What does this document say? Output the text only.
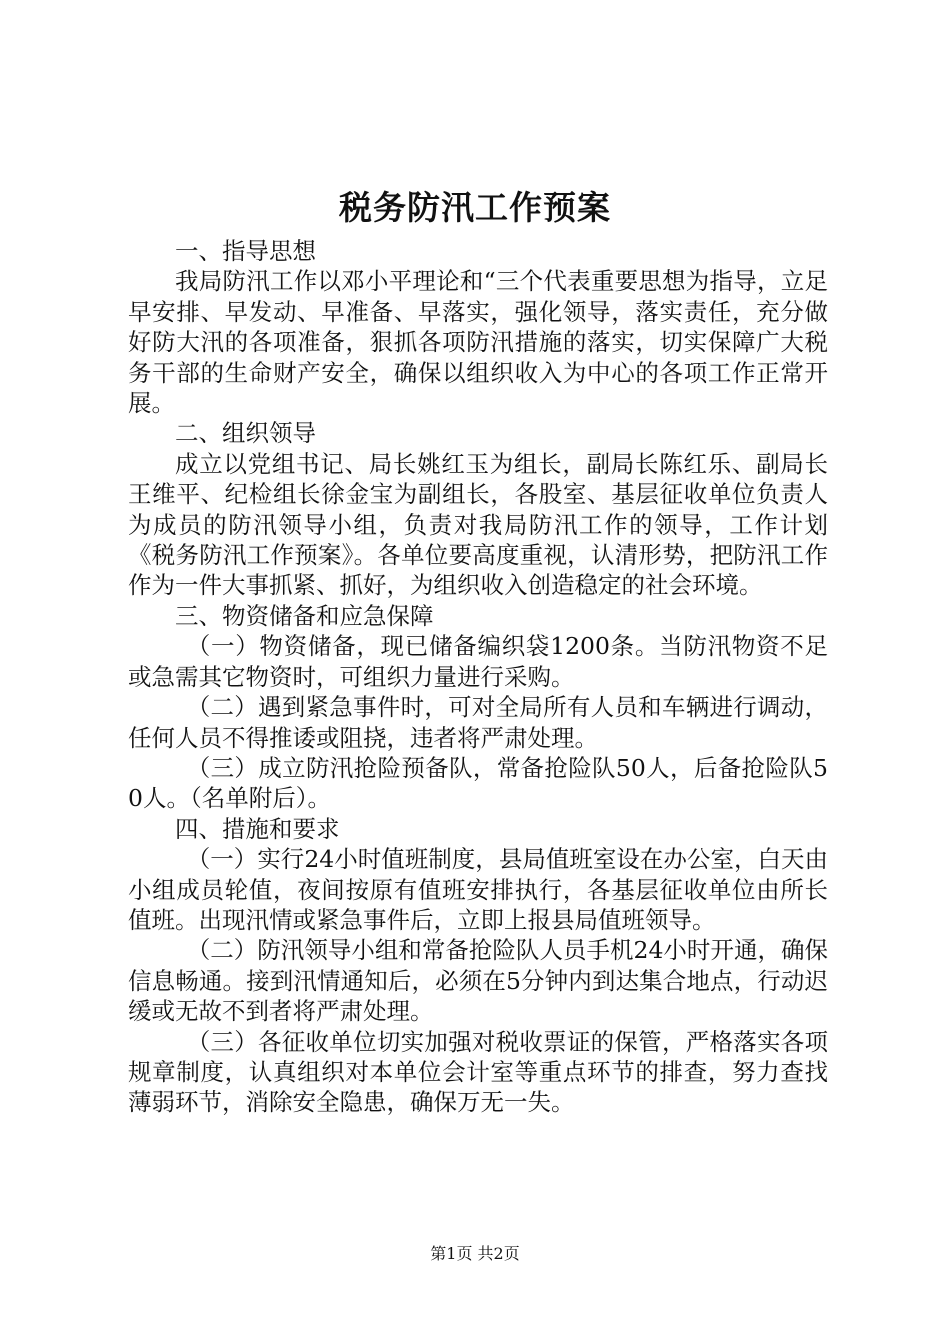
税务防汛工作预案

一、指导思想

我局防汛工作以邓小平理论和“三个代表重要思想为指导，立足早安排、早发动、早准备、早落实，强化领导，落实责任，充分做好防大汛的各项准备，狠抓各项防汛措施的落实，切实保障广大税务干部的生命财产安全，确保以组织收入为中心的各项工作正常开展。

二、组织领导

成立以党组书记、局长姚红玉为组长，副局长陈红乐、副局长王维平、纪检组长徐金宝为副组长，各股室、基层征收单位负责人为成员的防汛领导小组，负责对我局防汛工作的领导，工作计划《税务防汛工作预案》。各单位要高度重视，认清形势，把防汛工作作为一件大事抓紧、抓好，为组织收入创造稳定的社会环境。

三、物资储备和应急保障

（一）物资储备，现已储备编织袋1200条。当防汛物资不足或急需其它物资时，可组织力量进行采购。

（二）遇到紧急事件时，可对全局所有人员和车辆进行调动，任何人员不得推诿或阻挠，违者将严肃处理。

（三）成立防汛抢险预备队，常备抢险队50人，后备抢险队50人。（名单附后）。

四、措施和要求

（一）实行24小时值班制度，县局值班室设在办公室，白天由小组成员轮值，夜间按原有值班安排执行，各基层征收单位由所长值班。出现汛情或紧急事件后，立即上报县局值班领导。

（二）防汛领导小组和常备抢险队人员手机24小时开通，确保信息畅通。接到汛情通知后，必须在5分钟内到达集合地点，行动迟缓或无故不到者将严肃处理。

（三）各征收单位切实加强对税收票证的保管，严格落实各项规章制度，认真组织对本单位会计室等重点环节的排查，努力查找薄弱环节，消除安全隐患，确保万无一失。

第1页 共2页
